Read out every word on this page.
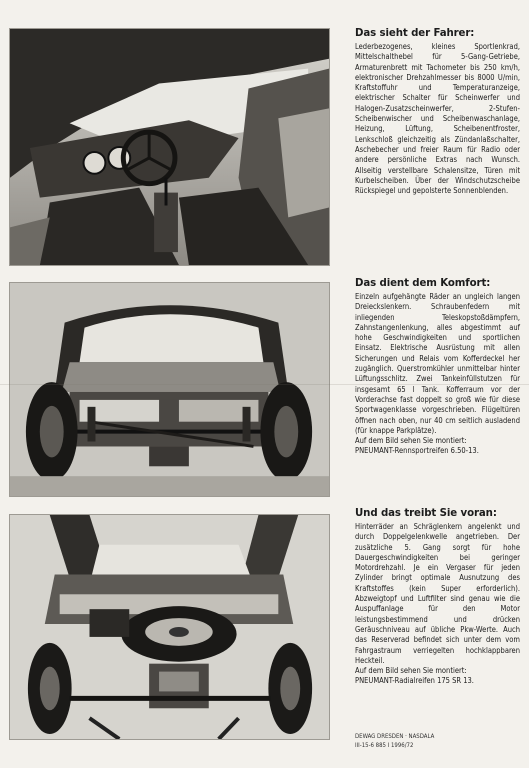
Das sieht der Fahrer:

Lederbezogenes, kleines Sportlenkrad, Mittelschalthebel für 5-Gang-Getriebe, Armaturenbrett mit Tachometer bis 250 km/h, elektronischer Drehzahlmesser bis 8000 U/min, Kraftstoffuhr und Temperaturanzeige, elektrischer Schalter für Scheinwerfer und Halogen-Zusatzscheinwerfer, 2-Stufen-Scheibenwischer und Scheibenwaschanlage, Heizung, Lüftung, Scheibenentfroster, Lenkschloß gleichzeitig als Zündanlaßschalter, Aschebecher und freier Raum für Radio oder andere persönliche Extras nach Wunsch. Allseitig verstellbare Schalensitze, Türen mit Kurbelscheiben. Über der Windschutzscheibe Rückspiegel und gepolsterte Sonnenblenden.

Das dient dem Komfort:

Einzeln aufgehängte Räder an ungleich langen Dreieckslenkern. Schraubenfedern mit inliegenden Teleskopstoßdämpfern, Zahnstangenlenkung, alles abgestimmt auf hohe Geschwindigkeiten und sportlichen Einsatz. Elektrische Ausrüstung mit allen Sicherungen und Relais vom Kofferdeckel her zugänglich. Querstromkühler unmittelbar hinter Lüftungsschlitz. Zwei Tankeinfüllstutzen für insgesamt 65 l Tank. Kofferraum vor der Vorderachse fast doppelt so groß wie für diese Sportwagenklasse vorgeschrieben. Flügeltüren öffnen nach oben, nur 40 cm seitlich ausladend (für knappe Parkplätze).

Auf dem Bild sehen Sie montiert:

PNEUMANT-Rennsportreifen 6.50-13.

Und das treibt Sie voran:

Hinterräder an Schräglenkern angelenkt und durch Doppelgelenkwelle angetrieben. Der zusätzliche 5. Gang sorgt für hohe Dauergeschwindigkeiten bei geringer Motordrehzahl. Je ein Vergaser für jeden Zylinder bringt optimale Ausnutzung des Kraftstoffes (kein Super erforderlich). Abzweigtopf und Luftfilter sind genau wie die Auspuffanlage für den Motor leistungsbestimmend und drücken Geräuschniveau auf übliche Pkw-Werte. Auch das Reserverad befindet sich unter dem vom Fahrgastraum verriegelten hochklappbaren Heckteil.

Auf dem Bild sehen Sie montiert:

PNEUMANT-Radialreifen 175 SR 13.

DEWAG DRESDEN · NASDALA
III-15-6 885 I 1996/72
